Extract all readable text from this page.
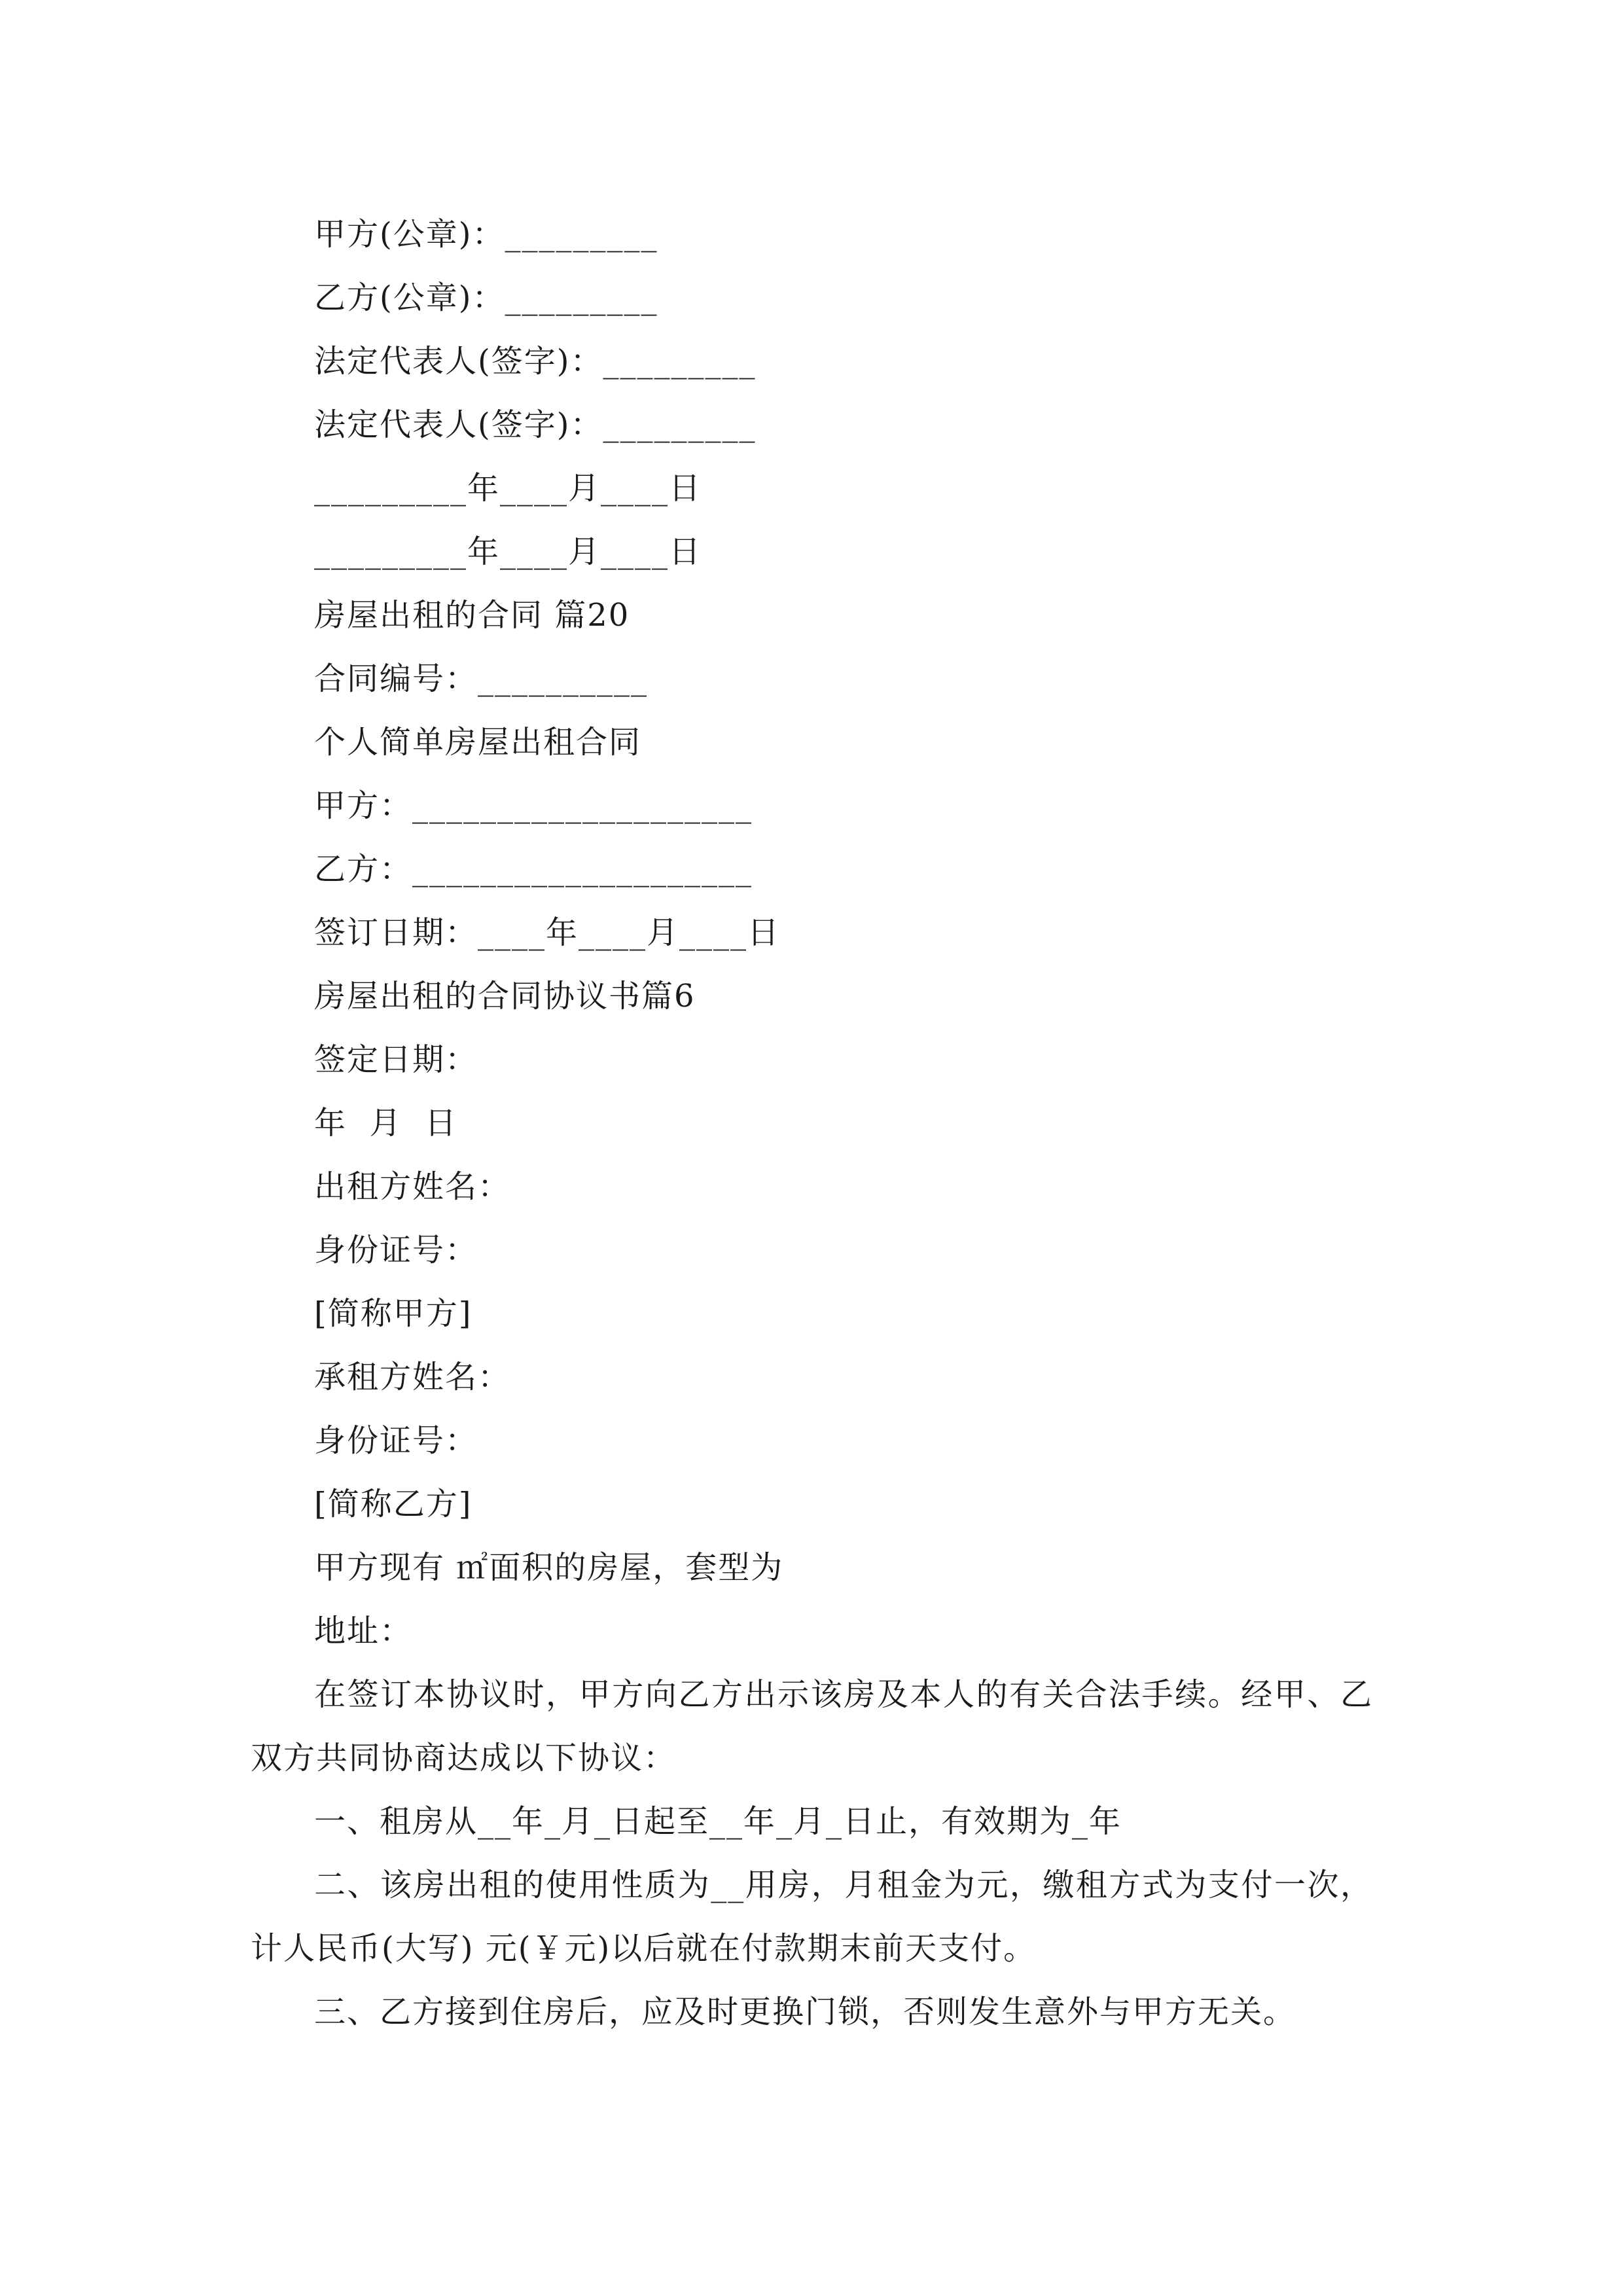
甲方(公章)：_________
乙方(公章)：_________
法定代表人(签字)：_________
法定代表人(签字)：_________
_________年____月____日
_________年____月____日
房屋出租的合同 篇20
合同编号：__________
个人简单房屋出租合同
甲方：____________________
乙方：____________________
签订日期：____年____月____日
房屋出租的合同协议书篇6
签定日期：
年  月  日
出租方姓名：
身份证号：
[简称甲方]
承租方姓名：
身份证号：
[简称乙方]
甲方现有 ㎡面积的房屋，套型为
地址：
在签订本协议时，甲方向乙方出示该房及本人的有关合法手续。经甲、乙双方共同协商达成以下协议：
一、租房从__年_月_日起至__年_月_日止，有效期为_年
二、该房出租的使用性质为__用房，月租金为元，缴租方式为支付一次，计人民币(大写) 元(￥元)以后就在付款期末前天支付。
三、乙方接到住房后，应及时更换门锁，否则发生意外与甲方无关。
